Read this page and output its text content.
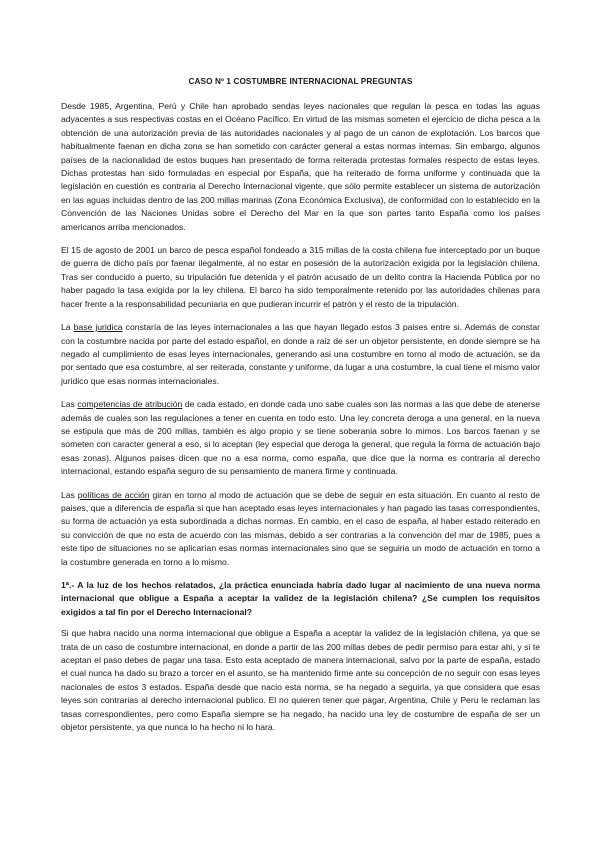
CASO Nº 1 COSTUMBRE INTERNACIONAL PREGUNTAS

Desde 1985, Argentina, Perú y Chile han aprobado sendas leyes nacionales que regulan la pesca en todas las aguas adyacentes a sus respectivas costas en el Océano Pacífico. En virtud de las mismas someten el ejercicio de dicha pesca a la obtención de una autorización previa de las autoridades nacionales y al pago de un canon de explotación. Los barcos que habitualmente faenan en dicha zona se han sometido con carácter general a estas normas internas. Sin embargo, algunos países de la nacionalidad de estos buques han presentado de forma reiterada protestas formales respecto de estas leyes. Dichas protestas han sido formuladas en especial por España, que ha reiterado de forma uniforme y continuada que la legislación en cuestión es contraria al Derecho Internacional vigente, que sólo permite establecer un sistema de autorización en las aguas incluidas dentro de las 200 millas marinas (Zona Económica Exclusiva), de conformidad con lo establecido en la Convención de las Naciones Unidas sobre el Derecho del Mar en la que son partes tanto España como los países americanos arriba mencionados.

El 15 de agosto de 2001 un barco de pesca español fondeado a 315 millas de la costa chilena fue interceptado por un buque de guerra de dicho país por faenar ilegalmente, al no estar en posesión de la autorización exigida por la legislación chilena. Tras ser conducido a puerto, su tripulación fue detenida y el patrón acusado de un delito contra la Hacienda Pública por no haber pagado la tasa exigida por la ley chilena. El barco ha sido temporalmente retenido por las autoridades chilenas para hacer frente a la responsabilidad pecuniaria en que pudieran incurrir el patrón y el resto de la tripulación.

La base juridica constaría de las leyes internacionales a las que hayan llegado estos 3 paises entre si. Además de constar con la costumbre nacida por parte del estado español, en donde a raiz de ser un objetor persistente, en donde siempre se ha negado al cumplimiento de esas leyes internacionales, generando asi una costumbre en torno al modo de actuación, se da por sentado que esa costumbre, al ser reiterada, constante y uniforme, da lugar a una costumbre, la cual tiene el mismo valor juridico que esas normas internacionales.

Las competencias de atribución de cada estado, en donde cada uno sabe cuales son las normas a las que debe de atenerse además de cuales son las regulaciones a tener en cuenta en todo esto. Una ley concreta deroga a una general, en la nueva se estipula que más de 200 millas, también es algo propio y se tiene soberania sobre lo mimos. Los barcos faenan y se someten con caracter general a eso, si lo aceptan (ley especial que deroga la general, que regula la forma de actuación bajo esas zonas). Algunos paises dicen que no a esa norma, como españa, que dice que la norma es contraria al derecho internacional, estando españa seguro de su pensamiento de manera firme y continuada.

Las políticas de acción giran en torno al modo de actuación que se debe de seguir en esta situación. En cuanto al resto de paises, que a diferencia de españa si que han aceptado esas leyes internacionales y han pagado las tasas correspondientes, su forma de actuación ya esta subordinada a dichas normas. En cambio, en el caso de españa, al haber estado reiterado en su convicción de que no esta de acuerdo con las mismas, debido a ser contrarias a la convención del mar de 1985, pues a este tipo de situaciones no se aplicarían esas normas internacionales sino que se seguiria un modo de actuación en torno a la costumbre generada en torno a lo mismo.

1ª.- A la luz de los hechos relatados, ¿la práctica enunciada habría dado lugar al nacimiento de una nueva norma internacional que obligue a España a aceptar la validez de la legislación chilena? ¿Se cumplen los requisitos exigidos a tal fin por el Derecho Internacional?

Si que habra nacido una norma internacional que obligue a España a aceptar la validez de la legislación chilena, ya que se trata de un caso de costumbre internacional, en donde a partir de las 200 millas debes de pedir permiso para estar ahi, y si te aceptan el paso debes de pagar una tasa. Esto esta aceptado de manera internacional, salvo por la parte de españa, estado el cual nunca ha dado su brazo a torcer en el asunto, se ha mantenido firme ante su concepción de no seguir con esas leyes nacionales de estos 3 estados. España desde que nacio esta norma, se ha negado a seguirla, ya que considera que esas leyes son contrarias al derecho internacional publico. El no quieren tener que pagar, Argentina, Chile y Peru le reclaman las tasas correspondientes, pero como España siempre se ha negado, ha nacido una ley de costumbre de españa de ser un objetor persistente, ya que nunca lo ha hecho ni lo hara.
